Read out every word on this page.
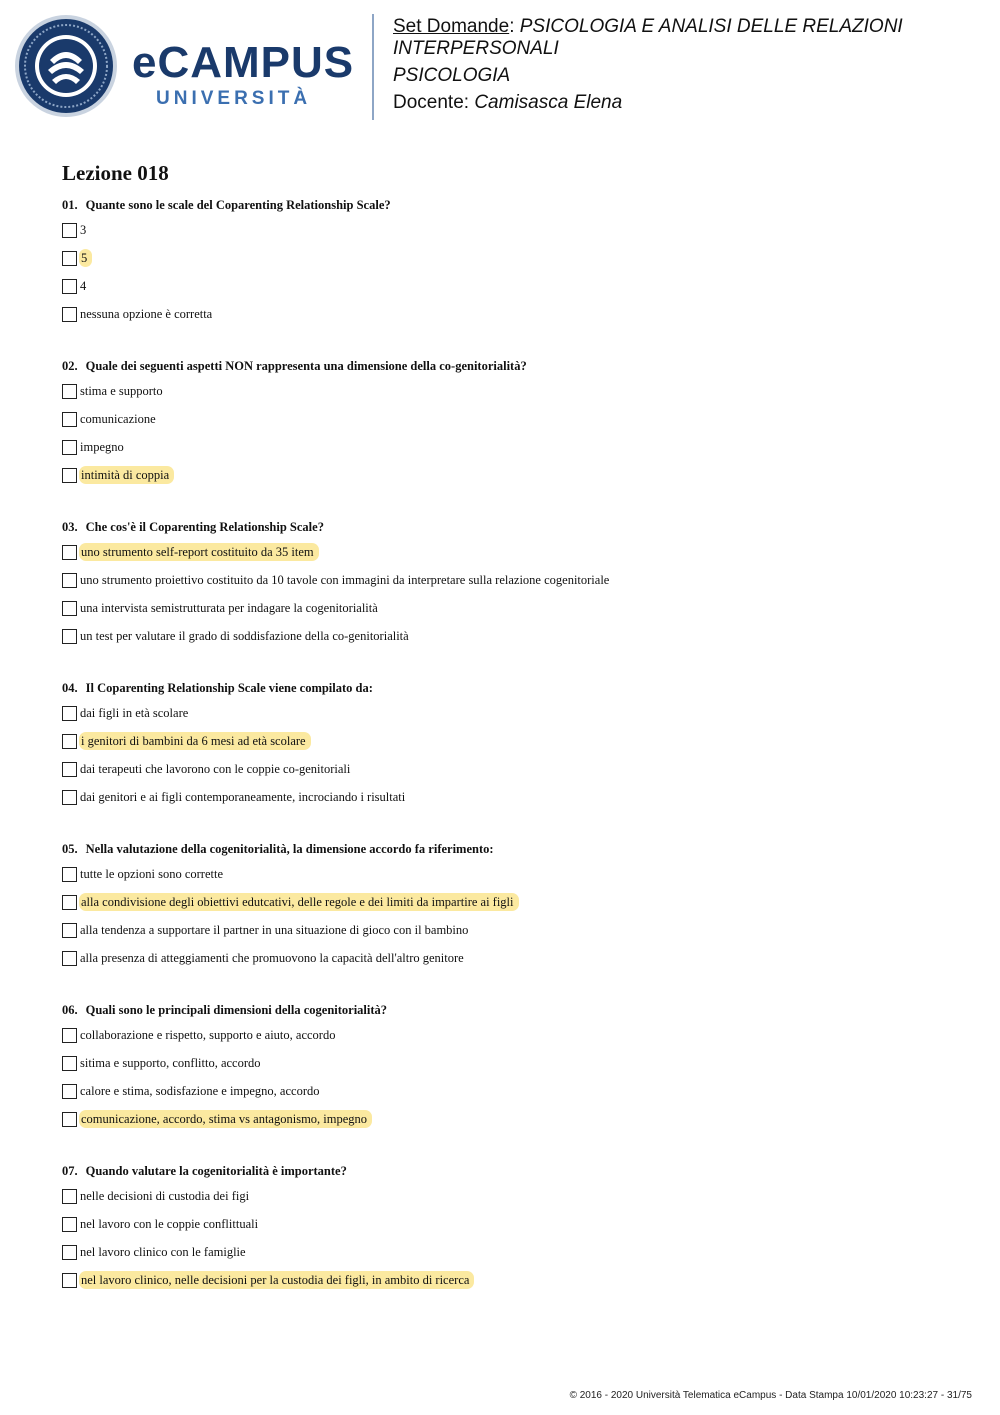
eCAMPUS
UNIVERSITÀ
Set Domande: PSICOLOGIA E ANALISI DELLE RELAZIONI INTERPERSONALI
PSICOLOGIA
Docente: Camisasca Elena
Lezione 018
01. Quante sono le scale del Coparenting Relationship Scale?
3
5
4
nessuna opzione è corretta
02. Quale dei seguenti aspetti NON rappresenta una dimensione della co-genitorialità?
stima e supporto
comunicazione
impegno
intimità di coppia
03. Che cos'è il Coparenting Relationship Scale?
uno strumento self-report costituito da 35 item
uno strumento proiettivo costituito da 10 tavole con immagini da interpretare sulla relazione cogenitoriale
una intervista semistrutturata per indagare la cogenitorialità
un test per valutare il grado di soddisfazione della co-genitorialità
04. Il Coparenting Relationship Scale viene compilato da:
dai figli in età scolare
i genitori di bambini da 6 mesi ad età scolare
dai terapeuti che lavorono con le coppie co-genitoriali
dai genitori e ai figli contemporaneamente, incrociando i risultati
05. Nella valutazione della cogenitorialità, la dimensione accordo fa riferimento:
tutte le opzioni sono corrette
alla condivisione degli obiettivi edutcativi, delle regole e dei limiti da impartire ai figli
alla tendenza a supportare il partner in una situazione di gioco con il bambino
alla presenza di atteggiamenti che promuovono la capacità dell'altro genitore
06. Quali sono le principali dimensioni della cogenitorialità?
collaborazione e rispetto, supporto e aiuto, accordo
sitima e supporto, conflitto, accordo
calore e stima, sodisfazione e impegno, accordo
comunicazione, accordo, stima vs antagonismo, impegno
07. Quando valutare la cogenitorialità è importante?
nelle decisioni di custodia dei figi
nel lavoro con le coppie conflittuali
nel lavoro clinico con le famiglie
nel lavoro clinico, nelle decisioni per la custodia dei figli, in ambito di ricerca
© 2016 - 2020 Università Telematica eCampus - Data Stampa 10/01/2020 10:23:27 - 31/75
